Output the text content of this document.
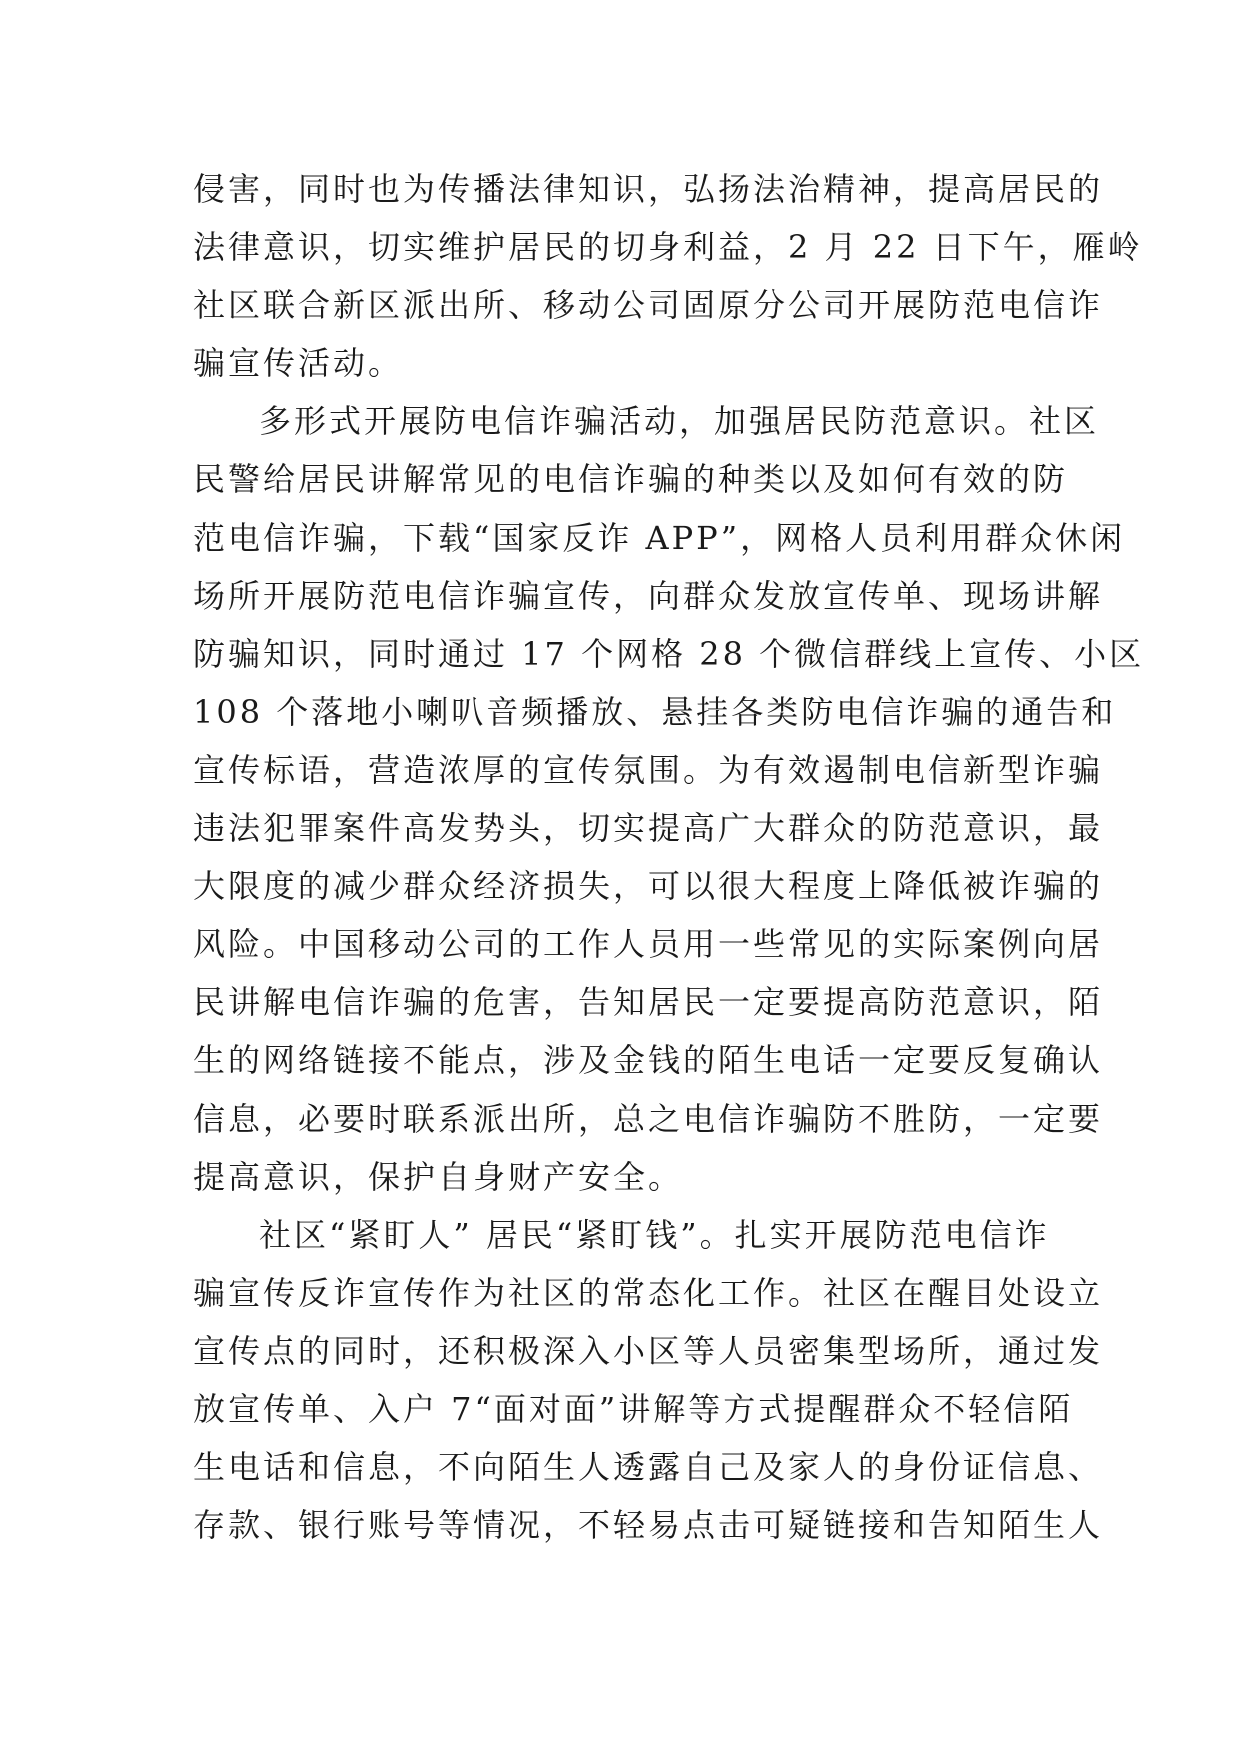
侵害，同时也为传播法律知识，弘扬法治精神，提高居民的
法律意识，切实维护居民的切身利益，2 月 22 日下午，雁岭
社区联合新区派出所、移动公司固原分公司开展防范电信诈
骗宣传活动。
多形式开展防电信诈骗活动，加强居民防范意识。社区
民警给居民讲解常见的电信诈骗的种类以及如何有效的防
范电信诈骗，下载“国家反诈 APP”，网格人员利用群众休闲
场所开展防范电信诈骗宣传，向群众发放宣传单、现场讲解
防骗知识，同时通过 17 个网格 28 个微信群线上宣传、小区
108 个落地小喇叭音频播放、悬挂各类防电信诈骗的通告和
宣传标语，营造浓厚的宣传氛围。为有效遏制电信新型诈骗
违法犯罪案件高发势头，切实提高广大群众的防范意识，最
大限度的减少群众经济损失，可以很大程度上降低被诈骗的
风险。中国移动公司的工作人员用一些常见的实际案例向居
民讲解电信诈骗的危害，告知居民一定要提高防范意识，陌
生的网络链接不能点，涉及金钱的陌生电话一定要反复确认
信息，必要时联系派出所，总之电信诈骗防不胜防，一定要
提高意识，保护自身财产安全。
社区“紧盯人” 居民“紧盯钱”。扎实开展防范电信诈
骗宣传反诈宣传作为社区的常态化工作。社区在醒目处设立
宣传点的同时，还积极深入小区等人员密集型场所，通过发
放宣传单、入户 7“面对面”讲解等方式提醒群众不轻信陌
生电话和信息，不向陌生人透露自己及家人的身份证信息、
存款、银行账号等情况，不轻易点击可疑链接和告知陌生人
